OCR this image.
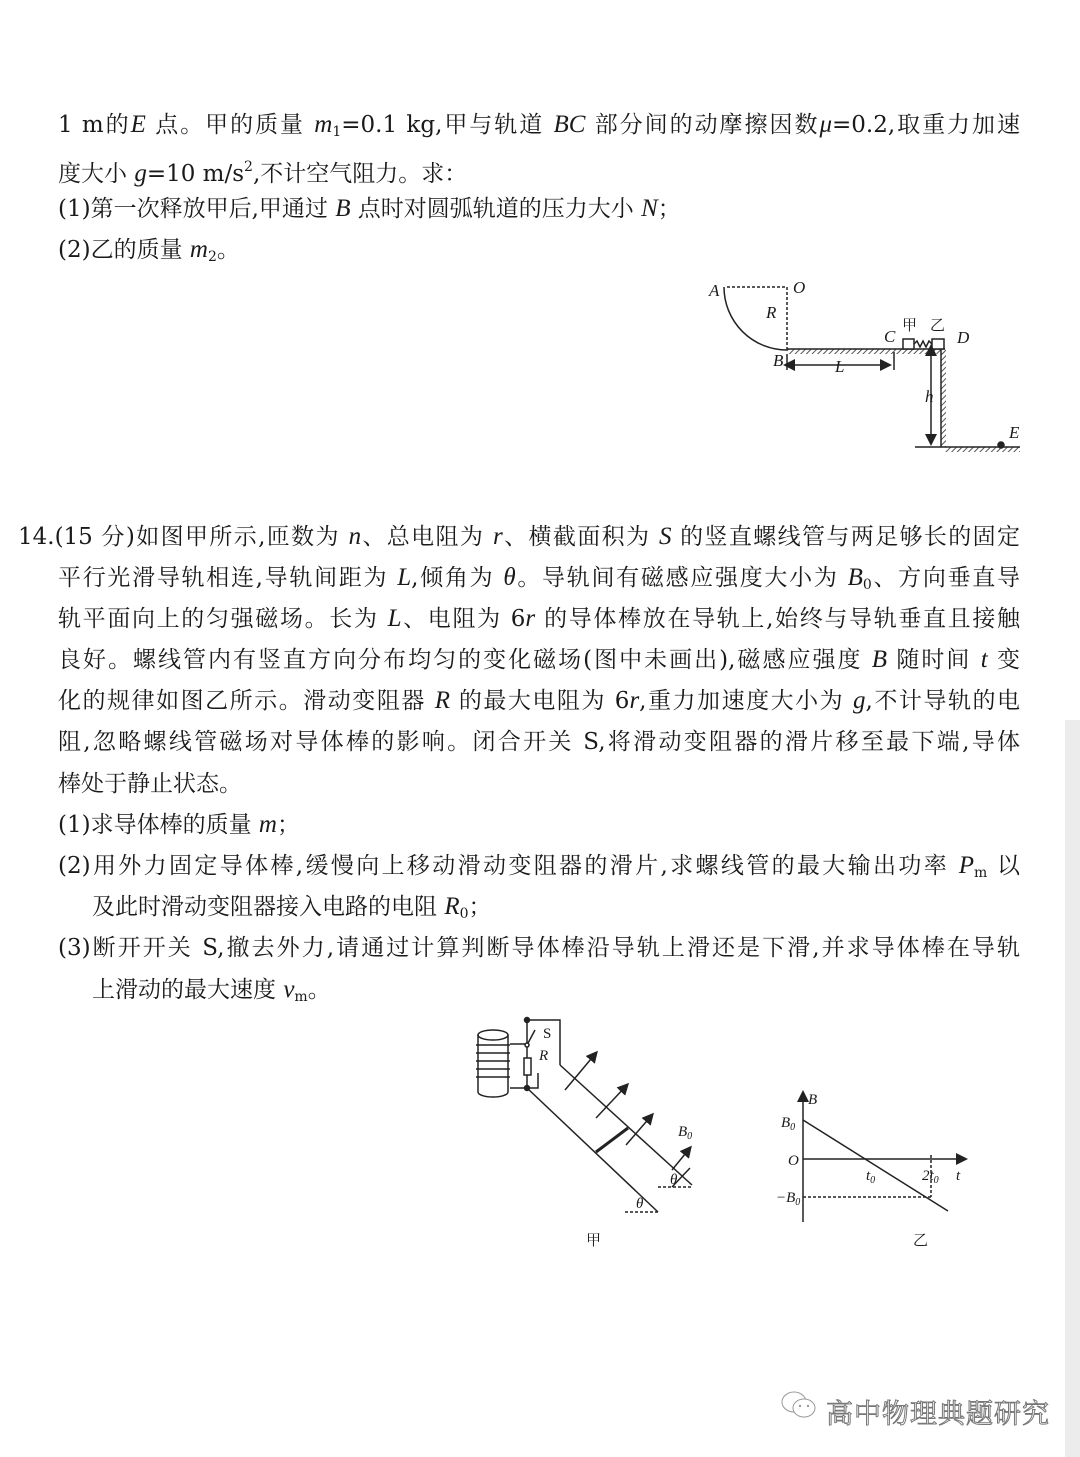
1 m的E 点。甲的质量 m1=0.1 kg,甲与轨道 BC 部分间的动摩擦因数μ=0.2,取重力加速
度大小 g=10 $m/s^2$,不计空气阻力。求：
(1)第一次释放甲后,甲通过 B 点时对圆弧轨道的压力大小 N；
(2)乙的质量 m2。
14.(15 分)如图甲所示,匝数为 n、总电阻为 r、横截面积为 S 的竖直螺线管与两足够长的固定
平行光滑导轨相连,导轨间距为 L,倾角为 θ。导轨间有磁感应强度大小为 B0、方向垂直导
轨平面向上的匀强磁场。长为 L、电阻为 6r 的导体棒放在导轨上,始终与导轨垂直且接触
良好。螺线管内有竖直方向分布均匀的变化磁场(图中未画出),磁感应强度 B 随时间 t 变
化的规律如图乙所示。滑动变阻器 R 的最大电阻为 6r,重力加速度大小为 g,不计导轨的电
阻,忽略螺线管磁场对导体棒的影响。闭合开关 S,将滑动变阻器的滑片移至最下端,导体
棒处于静止状态。
(1)求导体棒的质量 m；
(2)用外力固定导体棒,缓慢向上移动滑动变阻器的滑片,求螺线管的最大输出功率 Pm 以
及此时滑动变阻器接入电路的电阻 R0；
(3)断开开关 S,撤去外力,请通过计算判断导体棒沿导轨上滑还是下滑,并求导体棒在导轨
上滑动的最大速度 vm。
A	O
R
B
C	D
L
h
E
甲 乙
S
R
$B_0$
θ
θ
甲
B
$B_0$
O
$t_0$	$2t_0$ t
$-B_0$
乙
高中物理典题研究
